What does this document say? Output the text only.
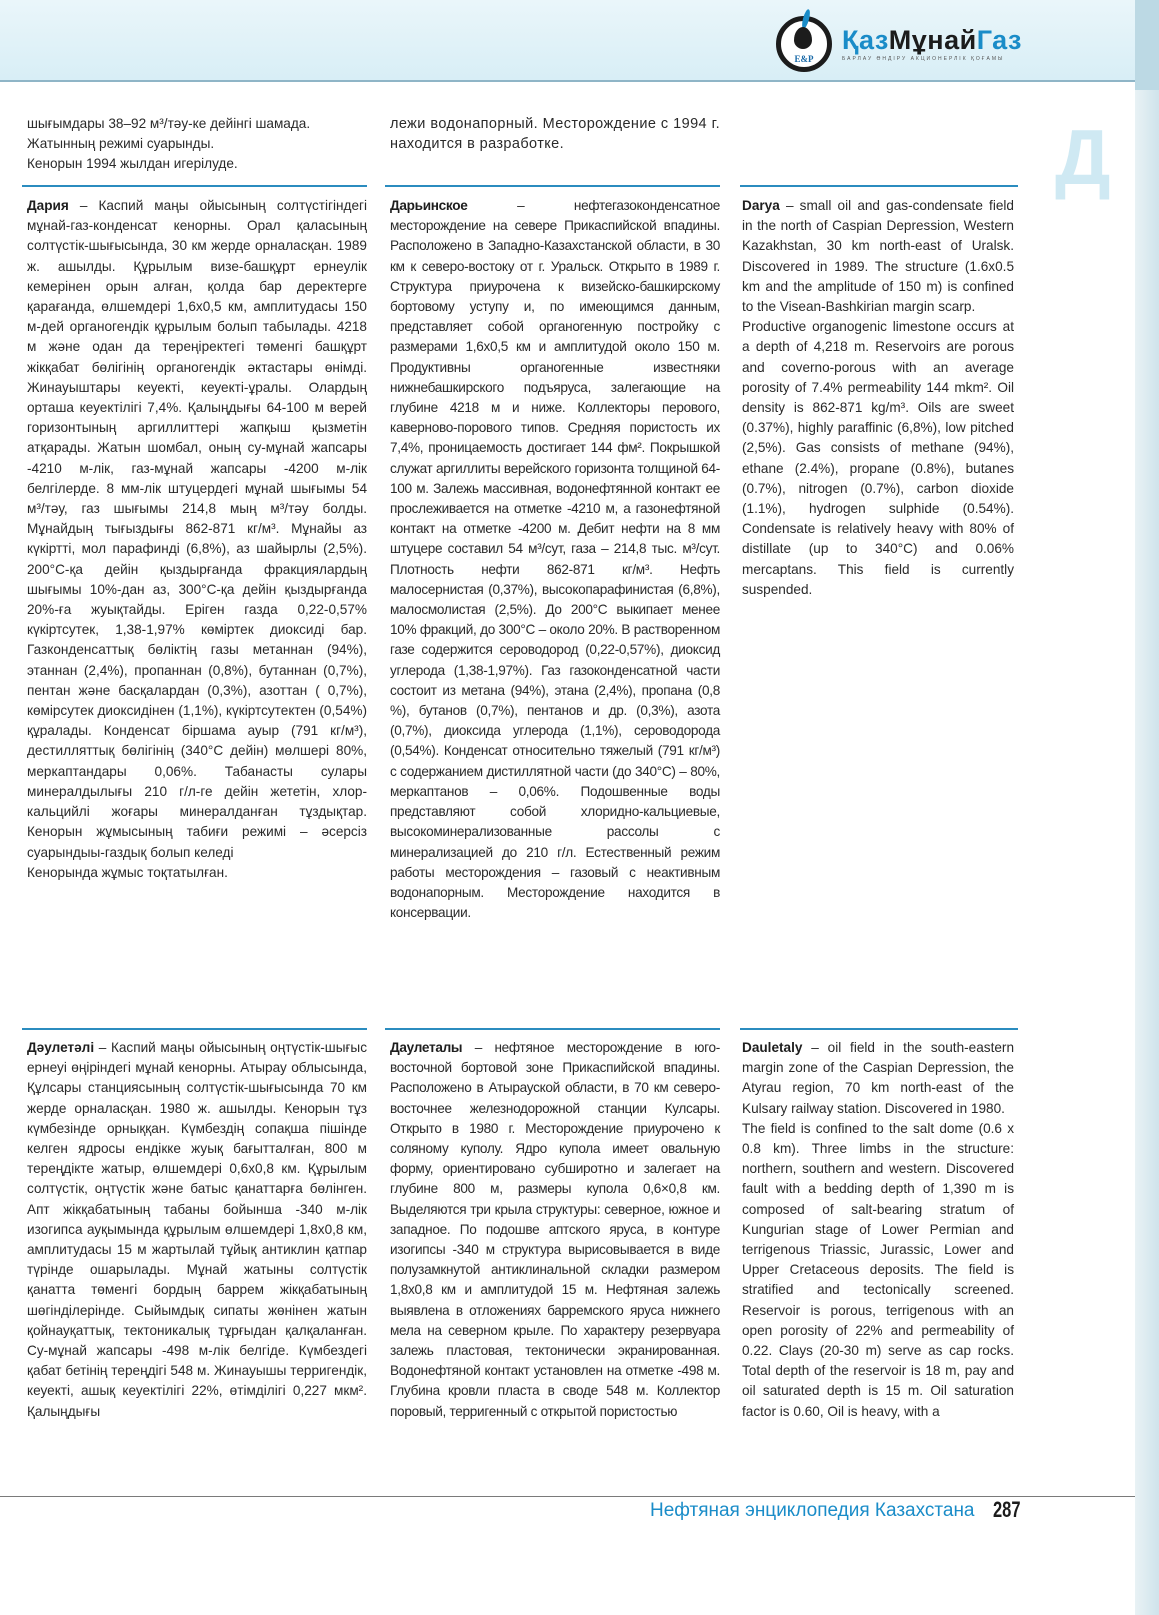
E&P
ҚазМұнайГаз
БАРЛАУ ӨНДІРУ АКЦИОНЕРЛІК ҚОҒАМЫ
Д

шығымдары 38–92 м³/тәу-ке дейінгі шамада.

Жатынның режимі суарынды.

Кенорын 1994 жылдан игерілуде.

лежи водонапорный. Месторождение с 1994 г. находится в разработке.

Дария – Каспий маңы ойысының солтүстігіндегі мұнай-газ-конденсат кенорны. Орал қаласының солтүстік-шығысында, 30 км жерде орналасқан. 1989 ж. ашылды. Құрылым визе-башқұрт ернеулік кемерінен орын алған, қолда бар деректерге қарағанда, өлшемдері 1,6x0,5 км, амплитудасы 150 м-дей органогендік құрылым болып табылады. 4218 м және одан да тереңіректегі төменгі башқұрт жікқабат бөлігінің органогендік әктастары өнімді. Жинауыштары кеуекті, кеуекті-ұралы. Олардың орташа кеуектілігі 7,4%. Қалыңдығы 64-100 м верей горизонтының аргиллиттері жапқыш қызметін атқарады. Жатын шомбал, оның су-мұнай жапсары -4210 м-лік, газ-мұнай жапсары -4200 м-лік белгілерде. 8 мм-лік штуцердегі мұнай шығымы 54 м³/тәу, газ шығымы 214,8 мың м³/тәу болды. Мұнайдың тығыздығы 862-871 кг/м³. Мұнайы аз күкіртті, мол парафинді (6,8%), аз шайырлы (2,5%). 200°С-қа дейін қыздырғанда фракциялардың шығымы 10%-дан аз, 300°С-қа дейін қыздырғанда 20%-ға жуықтайды. Еріген газда 0,22-0,57% күкіртсутек, 1,38-1,97% көміртек диоксиді бар. Газконденсаттық бөліктің газы метаннан (94%), этаннан (2,4%), пропаннан (0,8%), бутаннан (0,7%), пентан және басқалардан (0,3%), азоттан ( 0,7%), көмірсутек диоксидінен (1,1%), күкіртсутектен (0,54%) құралады. Конденсат біршама ауыр (791 кг/м³), дестилляттық бөлігінің (340°С дейін) мөлшері 80%, меркаптандары 0,06%. Табанасты сулары минералдылығы 210 г/л-ге дейін жететін, хлор-кальцийлі жоғары минералданған тұздықтар. Кенорын жұмысының табиғи режимі – әсерсіз суарындыы-газдық болып келеді

Кенорында жұмыс тоқтатылған.

Дарьинское – нефтегазоконденсатное месторождение на севере Прикаспийской впадины. Расположено в Западно-Казахстанской области, в 30 км к северо-востоку от г. Уральск. Открыто в 1989 г. Структура приурочена к визейско-башкирскому бортовому уступу и, по имеющимся данным, представляет собой органогенную постройку с размерами 1,6x0,5 км и амплитудой около 150 м. Продуктивны органогенные известняки нижнебашкирского подъяруса, залегающие на глубине 4218 м и ниже. Коллекторы перового, каверново-порового типов. Средняя пористость их 7,4%, проницаемость достигает 144 фм². Покрышкой служат аргиллиты верейского горизонта толщиной 64-100 м. Залежь массивная, водонефтянной контакт ее прослеживается на отметке -4210 м, а газонефтяной контакт на отметке -4200 м. Дебит нефти на 8 мм штуцере составил 54 м³/сут, газа – 214,8 тыс. м³/сут. Плотность нефти 862-871 кг/м³. Нефть малосернистая (0,37%), высокопарафинистая (6,8%), малосмолистая (2,5%). До 200°С выкипает менее 10% фракций, до 300°С – около 20%. В растворенном газе содержится сероводород (0,22-0,57%), диоксид углерода (1,38-1,97%). Газ газоконденсатной части состоит из метана (94%), этана (2,4%), пропана (0,8 %), бутанов (0,7%), пентанов и др. (0,3%), азота (0,7%), диоксида углерода (1,1%), сероводорода (0,54%). Конденсат относительно тяжелый (791 кг/м³) с содержанием дистиллятной части (до 340°С) – 80%, меркаптанов – 0,06%. Подошвенные воды представляют собой хлоридно-кальциевые, высокоминерализованные рассолы с минерализацией до 210 г/л. Естественный режим работы месторождения – газовый с неактивным водонапорным. Месторождение находится в консервации.

Darya – small oil and gas-condensate field in the north of Caspian Depression, Western Kazakhstan, 30 km north-east of Uralsk. Discovered in 1989. The structure (1.6x0.5 km and the amplitude of 150 m) is confined to the Visean-Bashkirian margin scarp.

Productive organogenic limestone occurs at a depth of 4,218 m. Reservoirs are porous and coverno-porous with an average porosity of 7.4% permeability 144 mkm². Oil density is 862-871 kg/m³. Oils are sweet (0.37%), highly paraffinic (6,8%), low pitched (2,5%). Gas consists of methane (94%), ethane (2.4%), propane (0.8%), butanes (0.7%), nitrogen (0.7%), carbon dioxide (1.1%), hydrogen sulphide (0.54%). Condensate is relatively heavy with 80% of distillate (up to 340°C) and 0.06% mercaptans. This field is currently suspended.

Дәулетәлі – Каспий маңы ойысының оңтүстік-шығыс ернеуі өңіріндегі мұнай кенорны. Атырау облысында, Құлсары станциясының солтүстік-шығысында 70 км жерде орналасқан. 1980 ж. ашылды. Кенорын тұз күмбезінде орныққан. Күмбездің сопақша пішінде келген ядросы ендікке жуық бағытталған, 800 м тереңдікте жатыр, өлшемдері 0,6x0,8 км. Құрылым солтүстік, оңтүстік және батыс қанаттарға бөлінген. Апт жікқабатының табаны бойынша -340 м-лік изогипса ауқымында құрылым өлшемдері 1,8x0,8 км, амплитудасы 15 м жартылай тұйық антиклин қатпар түрінде ошарылады. Мұнай жатыны солтүстік қанатта төменгі бордың баррем жікқабатының шөгінділерінде. Сыйымдық сипаты жөнінен жатын қойнауқаттық, тектоникалық тұрғыдан қалқаланған. Су-мұнай жапсары -498 м-лік белгіде. Күмбездегі қабат бетінің тереңдігі 548 м. Жинауышы терригендік, кеуекті, ашық кеуектілігі 22%, өтімділігі 0,227 мкм². Қалыңдығы

Даулеталы – нефтяное месторождение в юго-восточной бортовой зоне Прикаспийской впадины. Расположено в Атырауской области, в 70 км северо-восточнее железнодорожной станции Кулсары. Открыто в 1980 г. Месторождение приурочено к соляному куполу. Ядро купола имеет овальную форму, ориентировано субширотно и залегает на глубине 800 м, размеры купола 0,6×0,8 км. Выделяются три крыла структуры: северное, южное и западное. По подошве аптского яруса, в контуре изогипсы -340 м структура вырисовывается в виде полузамкнутой антиклинальной складки размером 1,8x0,8 км и амплитудой 15 м. Нефтяная залежь выявлена в отложениях барремского яруса нижнего мела на северном крыле. По характеру резервуара залежь пластовая, тектонически экранированная. Водонефтяной контакт установлен на отметке -498 м. Глубина кровли пласта в своде 548 м. Коллектор поровый, терригенный с открытой пористостью

Dauletaly – oil field in the south-eastern margin zone of the Caspian Depression, the Atyrau region, 70 km north-east of the Kulsary railway station. Discovered in 1980.

The field is confined to the salt dome (0.6 x 0.8 km). Three limbs in the structure: northern, southern and western. Discovered fault with a bedding depth of 1,390 m is composed of salt-bearing stratum of Kungurian stage of Lower Permian and terrigenous Triassic, Jurassic, Lower and Upper Cretaceous deposits. The field is stratified and tectonically screened. Reservoir is porous, terrigenous with an open porosity of 22% and permeability of 0.22. Clays (20-30 m) serve as cap rocks. Total depth of the reservoir is 18 m, pay and oil saturated depth is 15 m. Oil saturation factor is 0.60, Oil is heavy, with a

Нефтяная энциклопедия Казахстана 287
